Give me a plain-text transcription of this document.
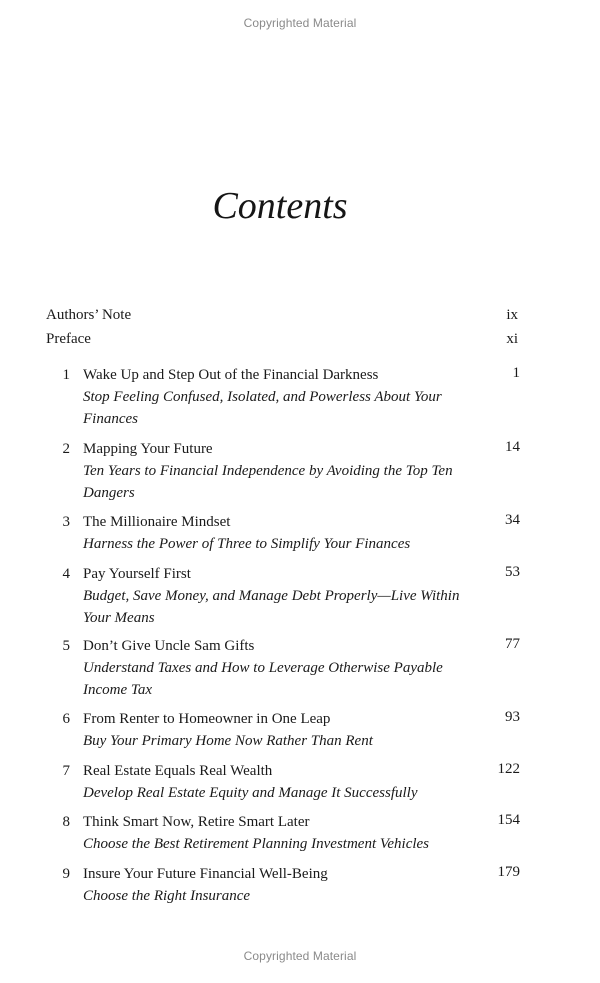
Copyrighted Material
Contents
Authors’ Note	ix
Preface	xi
1 Wake Up and Step Out of the Financial Darkness
Stop Feeling Confused, Isolated, and Powerless About Your Finances
1
2 Mapping Your Future
Ten Years to Financial Independence by Avoiding the Top Ten Dangers
14
3 The Millionaire Mindset
Harness the Power of Three to Simplify Your Finances
34
4 Pay Yourself First
Budget, Save Money, and Manage Debt Properly—Live Within Your Means
53
5 Don’t Give Uncle Sam Gifts
Understand Taxes and How to Leverage Otherwise Payable Income Tax
77
6 From Renter to Homeowner in One Leap
Buy Your Primary Home Now Rather Than Rent
93
7 Real Estate Equals Real Wealth
Develop Real Estate Equity and Manage It Successfully
122
8 Think Smart Now, Retire Smart Later
Choose the Best Retirement Planning Investment Vehicles
154
9 Insure Your Future Financial Well-Being
Choose the Right Insurance
179
Copyrighted Material
